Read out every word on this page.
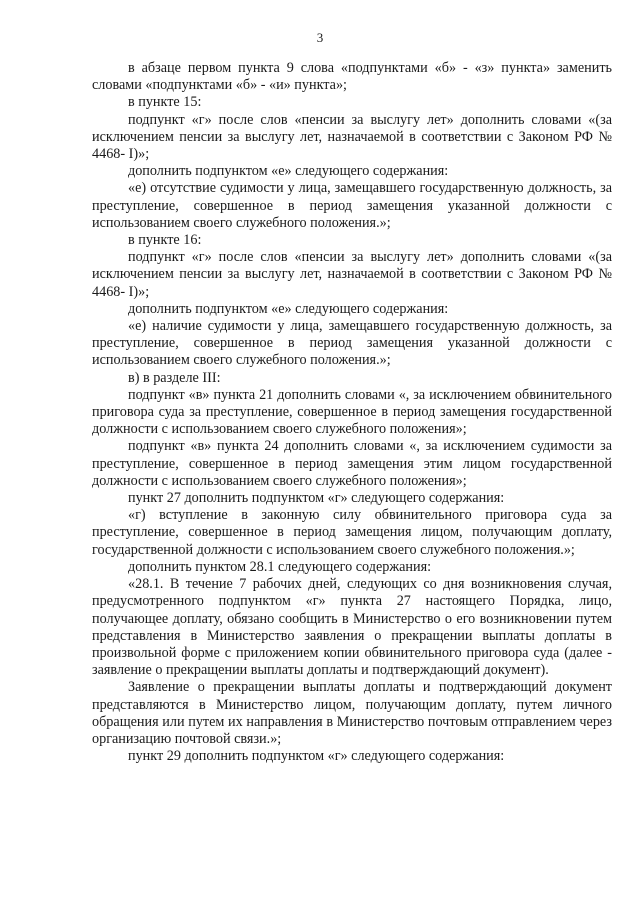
3

в абзаце первом пункта 9 слова «подпунктами «б» - «з» пункта» заменить словами «подпунктами «б» - «и» пункта»;

в пункте 15:

подпункт «г» после слов «пенсии за выслугу лет» дополнить словами «(за исключением пенсии за выслугу лет, назначаемой в соответствии с Законом РФ № 4468- I)»;

дополнить подпунктом «е» следующего содержания:

«е) отсутствие судимости у лица, замещавшего государственную должность, за преступление, совершенное в период замещения указанной должности с использованием своего служебного положения.»;

в пункте 16:

подпункт «г» после слов «пенсии за выслугу лет» дополнить словами «(за исключением пенсии за выслугу лет, назначаемой в соответствии с Законом РФ № 4468- I)»;

дополнить подпунктом «е» следующего содержания:

«е) наличие судимости у лица, замещавшего государственную должность, за преступление, совершенное в период замещения указанной должности с использованием своего служебного положения.»;

в) в разделе III:

подпункт «в» пункта 21 дополнить словами «, за исключением обвинительного приговора суда за преступление, совершенное в период замещения государственной должности с использованием своего служебного положения»;

подпункт «в» пункта 24 дополнить словами «, за исключением судимости за преступление, совершенное в период замещения этим лицом государственной должности с использованием своего служебного положения»;

пункт 27 дополнить подпунктом «г» следующего содержания:

«г) вступление в законную силу обвинительного приговора суда за преступление, совершенное в период замещения лицом, получающим доплату, государственной должности с использованием своего служебного положения.»;

дополнить пунктом 28.1 следующего содержания:

«28.1. В течение 7 рабочих дней, следующих со дня возникновения случая, предусмотренного подпунктом «г» пункта 27 настоящего Порядка, лицо, получающее доплату, обязано сообщить в Министерство о его возникновении путем представления в Министерство заявления о прекращении выплаты доплаты в произвольной форме с приложением копии обвинительного приговора суда (далее - заявление о прекращении выплаты доплаты и подтверждающий документ).

Заявление о прекращении выплаты доплаты и подтверждающий документ представляются в Министерство лицом, получающим доплату, путем личного обращения или путем их направления в Министерство почтовым отправлением через организацию почтовой связи.»;

пункт 29 дополнить подпунктом «г» следующего содержания:
